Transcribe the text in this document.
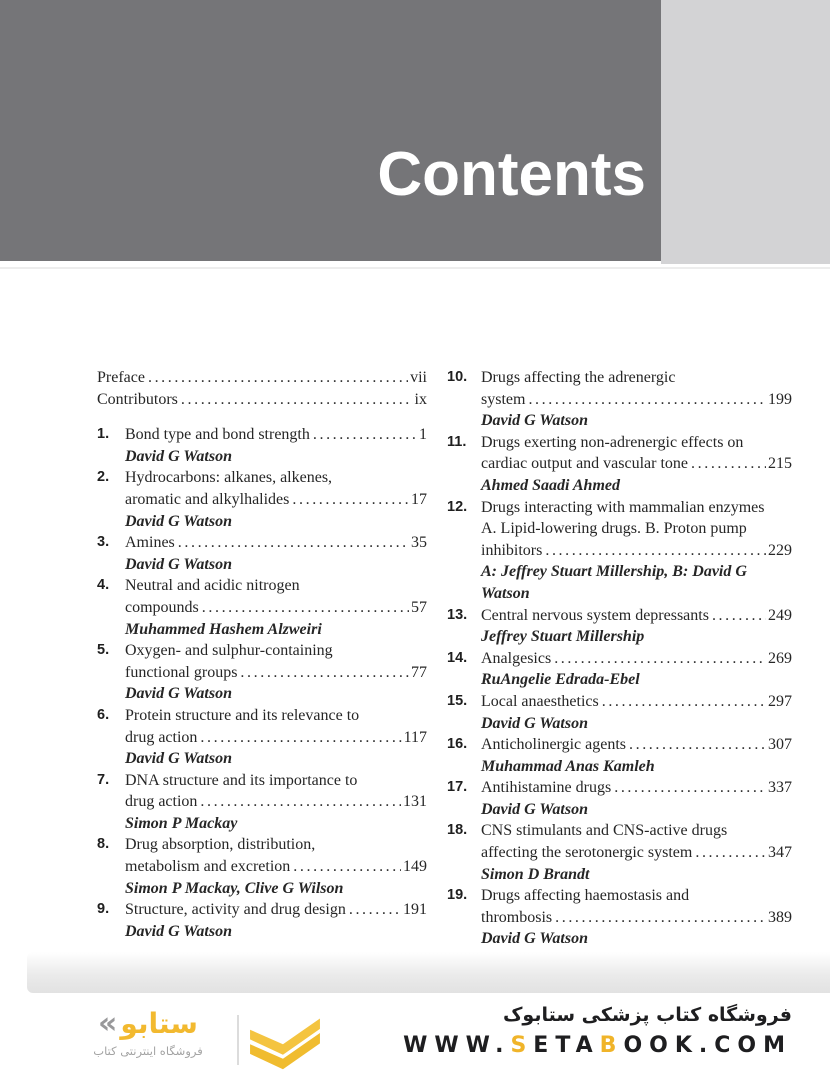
Contents
Preface .....	vii
Contributors .....	ix
1. Bond type and bond strength .....	1
David G Watson
2. Hydrocarbons: alkanes, alkenes,
aromatic and alkylhalides .....	17
David G Watson
3. Amines .....	35
David G Watson
4. Neutral and acidic nitrogen
compounds .....	57
Muhammed Hashem Alzweiri
5. Oxygen- and sulphur-containing
functional groups .....	77
David G Watson
6. Protein structure and its relevance to
drug action .....	117
David G Watson
7. DNA structure and its importance to
drug action .....	131
Simon P Mackay
8. Drug absorption, distribution,
metabolism and excretion .....	149
Simon P Mackay, Clive G Wilson
9. Structure, activity and drug design .....	191
David G Watson
10. Drugs affecting the adrenergic
system .....	199
David G Watson
11. Drugs exerting non-adrenergic effects on
cardiac output and vascular tone .....	215
Ahmed Saadi Ahmed
12. Drugs interacting with mammalian enzymes
A. Lipid-lowering drugs. B. Proton pump
inhibitors .....	229
A: Jeffrey Stuart Millership, B: David G
Watson
13. Central nervous system depressants .....	249
Jeffrey Stuart Millership
14. Analgesics .....	269
RuAngelie Edrada-Ebel
15. Local anaesthetics .....	297
David G Watson
16. Anticholinergic agents .....	307
Muhammad Anas Kamleh
17. Antihistamine drugs .....	337
David G Watson
18. CNS stimulants and CNS-active drugs
affecting the serotonergic system .....	347
Simon D Brandt
19. Drugs affecting haemostasis and
thrombosis .....	389
David G Watson
« ستابو
فروشگاه اینترنتی کتاب
فروشگاه کتاب پزشکی ستابوک
WWW.SETABOOK.COM
